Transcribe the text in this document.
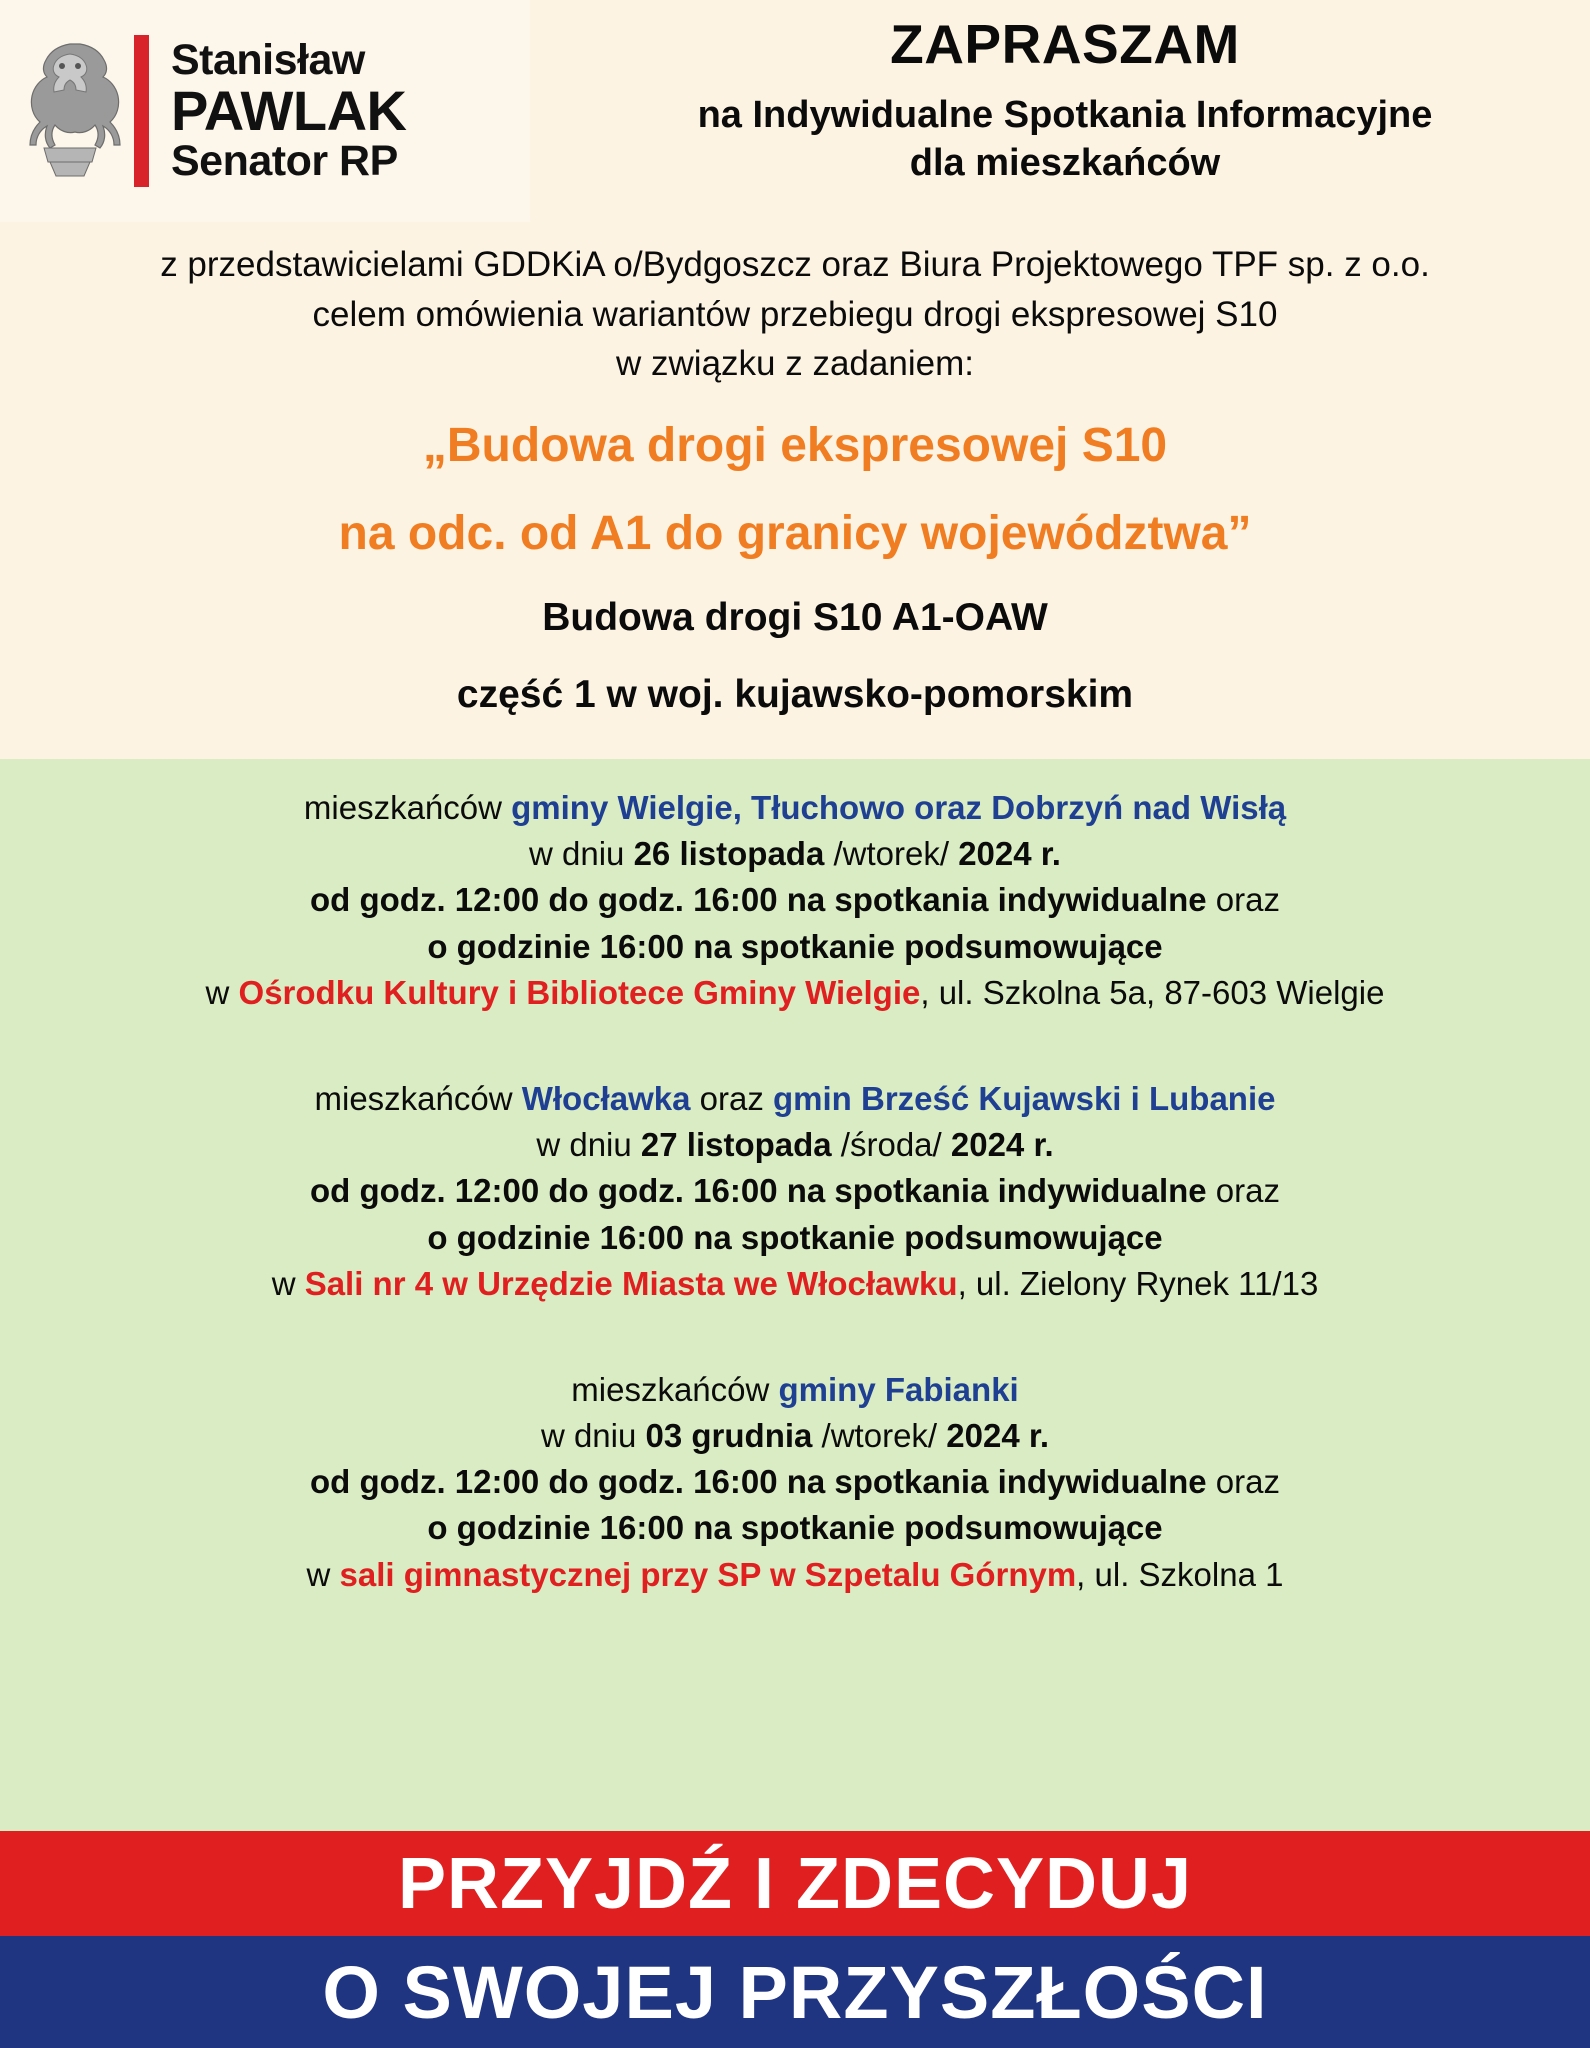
Stanisław
PAWLAK
Senator RP
ZAPRASZAM
na Indywidualne Spotkania Informacyjne
dla mieszkańców
z przedstawicielami GDDKiA o/Bydgoszcz oraz Biura Projektowego TPF sp. z o.o.
celem omówienia wariantów przebiegu drogi ekspresowej S10
w związku z zadaniem:
„Budowa drogi ekspresowej S10
na odc. od A1 do granicy województwa”
Budowa drogi S10 A1-OAW
część 1 w woj. kujawsko-pomorskim
mieszkańców gminy Wielgie, Tłuchowo oraz Dobrzyń nad Wisłą
w dniu 26 listopada /wtorek/ 2024 r.
od godz. 12:00 do godz. 16:00 na spotkania indywidualne oraz
o godzinie 16:00 na spotkanie podsumowujące
w Ośrodku Kultury i Bibliotece Gminy Wielgie, ul. Szkolna 5a, 87-603 Wielgie
mieszkańców Włocławka oraz gmin Brześć Kujawski i Lubanie
w dniu 27 listopada /środa/ 2024 r.
od godz. 12:00 do godz. 16:00 na spotkania indywidualne oraz
o godzinie 16:00 na spotkanie podsumowujące
w Sali nr 4 w Urzędzie Miasta we Włocławku, ul. Zielony Rynek 11/13
mieszkańców gminy Fabianki
w dniu 03 grudnia /wtorek/ 2024 r.
od godz. 12:00 do godz. 16:00 na spotkania indywidualne oraz
o godzinie 16:00 na spotkanie podsumowujące
w sali gimnastycznej przy SP w Szpetalu Górnym, ul. Szkolna 1
PRZYJDŹ I ZDECYDUJ
O SWOJEJ PRZYSZŁOŚCI
